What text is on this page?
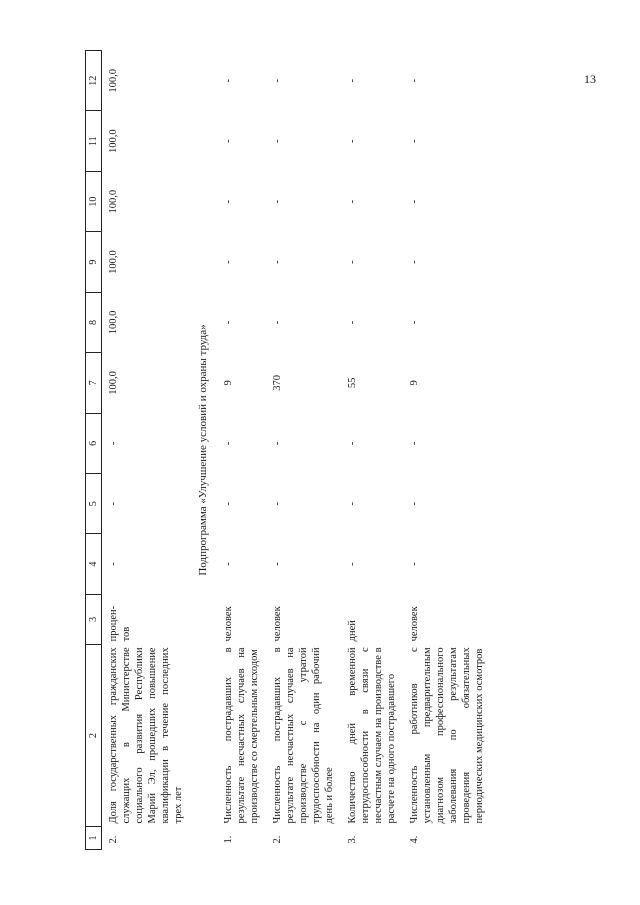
13
1	2	3	4	5	6	7	8	9	10	11	12
2.	Доля государственных гражданских служащих в Министерстве социального развития Республики Марий Эл, прошедших повышение квалификации в течение последних трех лет	процен-тов	-	-	-	100,0	100,0	100,0	100,0	100,0	100,0
Подпрограмма «Улучшение условий и охраны труда»											
1.	Численность пострадавших в результате несчастных случаев на производстве со смертельным исходом	человек	-	-	-	9	-	-	-	-	-
2.	Численность пострадавших в результате несчастных случаев на производстве с утратой трудоспособности на один рабочий день и более	человек	-	-	-	370	-	-	-	-	-
3.	Количество дней временной нетрудоспособности в связи с несчастным случаем на производстве в расчете на одного пострадавшего	дней	-	-	-	55	-	-	-	-	-
4.	Численность работников с установленным предварительным диагнозом профессионального заболевания по результатам проведения обязательных периодических медицинских осмотров	человек	-	-	-	9	-	-	-	-	-
